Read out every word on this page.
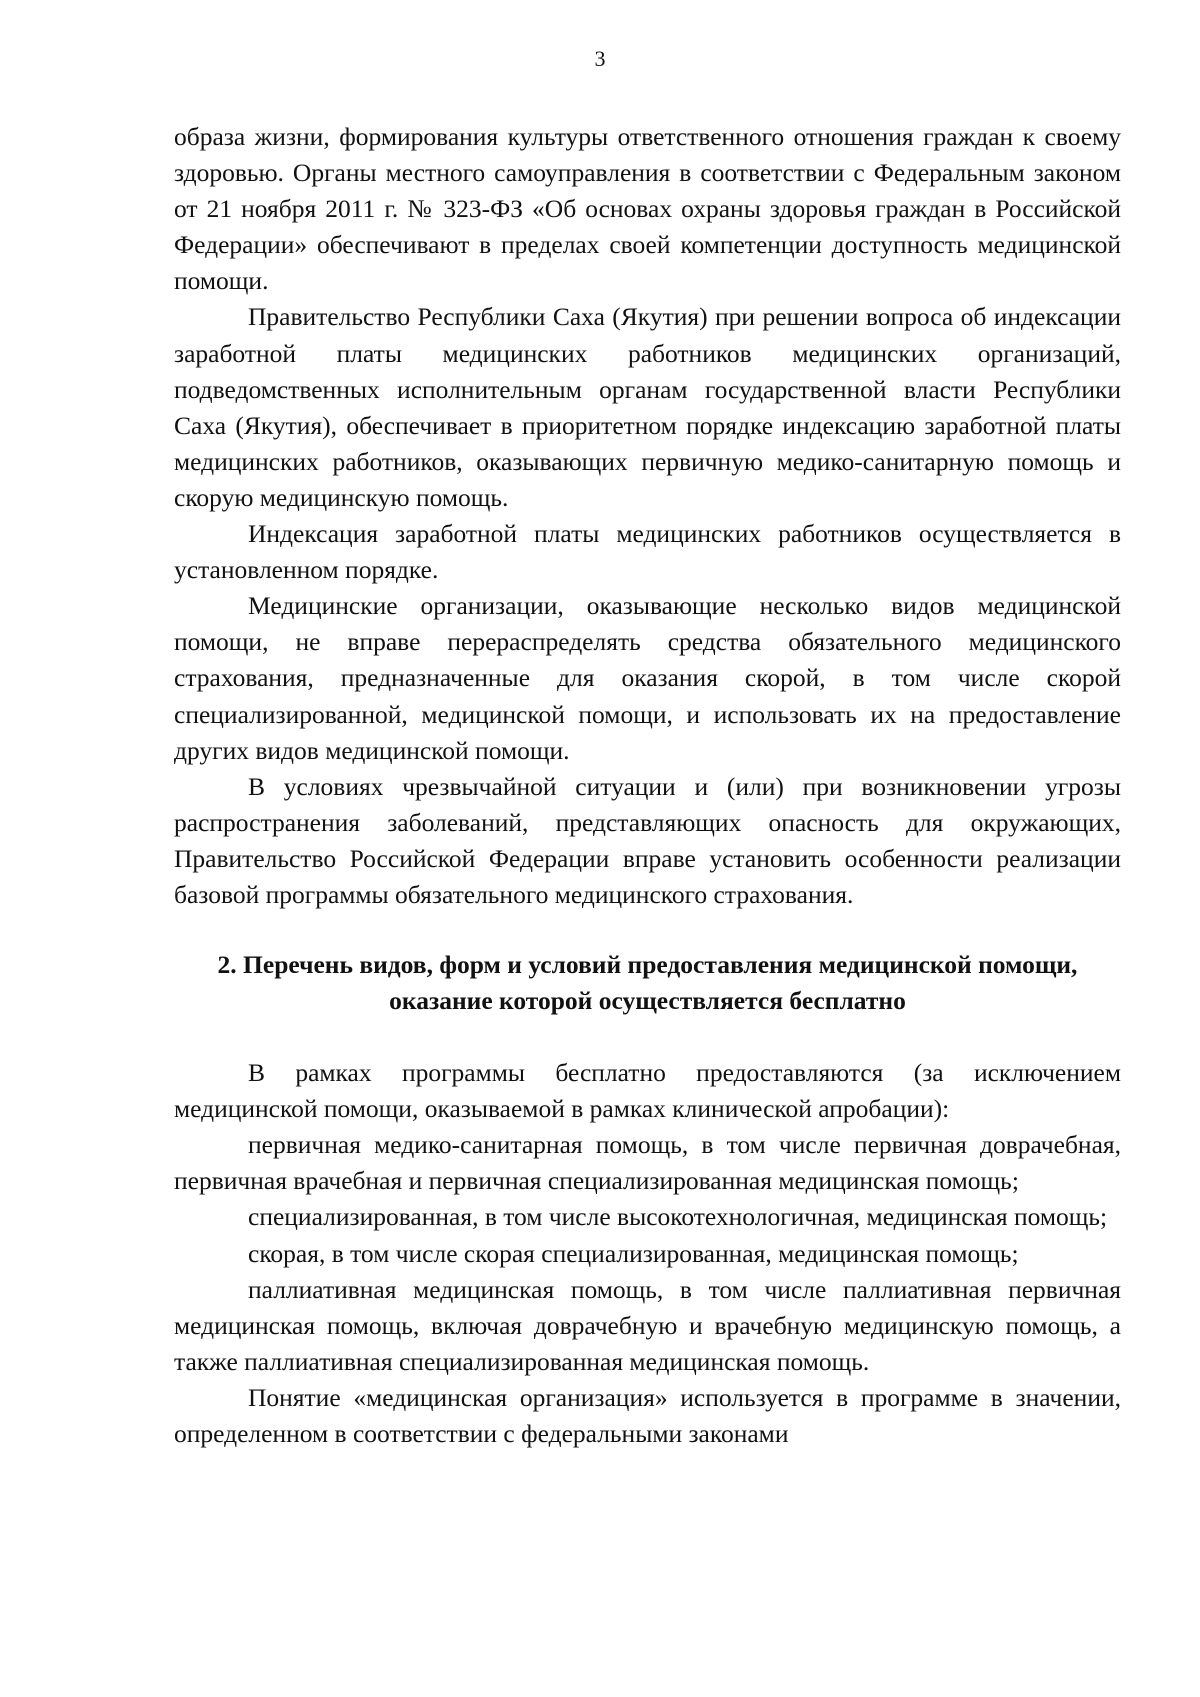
3

образа жизни, формирования культуры ответственного отношения граждан к своему здоровью. Органы местного самоуправления в соответствии с Федеральным законом от 21 ноября 2011 г. № 323-ФЗ «Об основах охраны здоровья граждан в Российской Федерации» обеспечивают в пределах своей компетенции доступность медицинской помощи.

Правительство Республики Саха (Якутия) при решении вопроса об индексации заработной платы медицинских работников медицинских организаций, подведомственных исполнительным органам государственной власти Республики Саха (Якутия), обеспечивает в приоритетном порядке индексацию заработной платы медицинских работников, оказывающих первичную медико-санитарную помощь и скорую медицинскую помощь.

Индексация заработной платы медицинских работников осуществляется в установленном порядке.

Медицинские организации, оказывающие несколько видов медицинской помощи, не вправе перераспределять средства обязательного медицинского страхования, предназначенные для оказания скорой, в том числе скорой специализированной, медицинской помощи, и использовать их на предоставление других видов медицинской помощи.

В условиях чрезвычайной ситуации и (или) при возникновении угрозы распространения заболеваний, представляющих опасность для окружающих, Правительство Российской Федерации вправе установить особенности реализации базовой программы обязательного медицинского страхования.

2. Перечень видов, форм и условий предоставления медицинской помощи,
оказание которой осуществляется бесплатно

В рамках программы бесплатно предоставляются (за исключением медицинской помощи, оказываемой в рамках клинической апробации):

первичная медико-санитарная помощь, в том числе первичная доврачебная, первичная врачебная и первичная специализированная медицинская помощь;

специализированная, в том числе высокотехнологичная, медицинская помощь;

скорая, в том числе скорая специализированная, медицинская помощь;

паллиативная медицинская помощь, в том числе паллиативная первичная медицинская помощь, включая доврачебную и врачебную медицинскую помощь, а также паллиативная специализированная медицинская помощь.

Понятие «медицинская организация» используется в программе в значении, определенном в соответствии с федеральными законами
